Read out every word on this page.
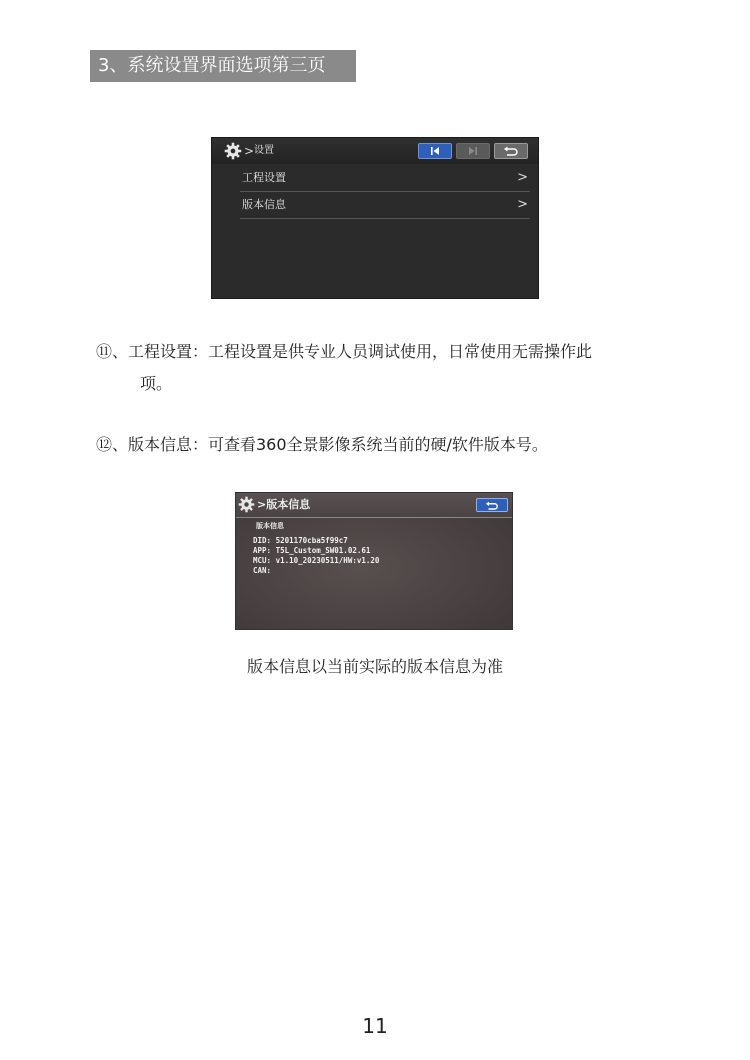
3、系统设置界面选项第三页
> 设置
工程设置	>
版本信息	>
⑪、工程设置：工程设置是供专业人员调试使用，日常使用无需操作此
项。
⑫、版本信息：可查看360全景影像系统当前的硬/软件版本号。
>版本信息
版本信息
DID: 5201170cba5f99c7
APP: T5L_Custom_SW01.02.61
MCU: v1.10_20230511/HW:v1.20
CAN:
版本信息以当前实际的版本信息为准
11
